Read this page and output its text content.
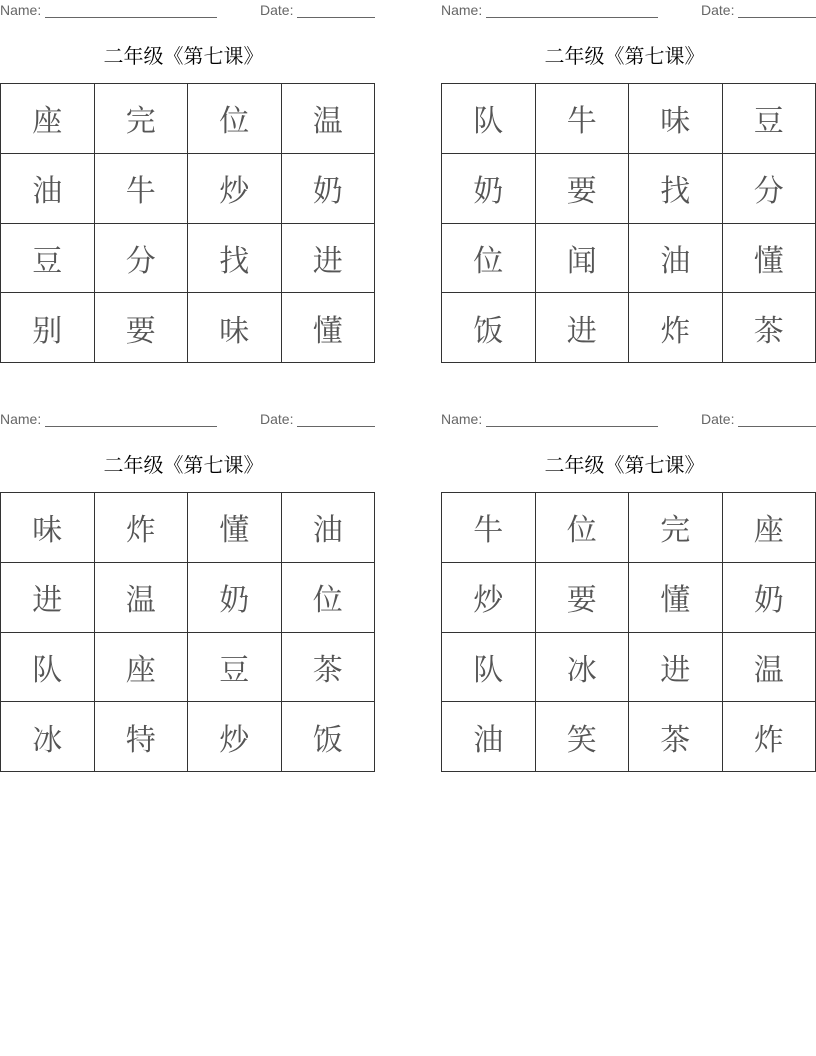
Name:	Date:
二年级《第七课》
座	完	位	温
油	牛	炒	奶
豆	分	找	进
别	要	味	懂
Name:	Date:
二年级《第七课》
队	牛	味	豆
奶	要	找	分
位	闻	油	懂
饭	进	炸	茶
Name:	Date:
二年级《第七课》
味	炸	懂	油
进	温	奶	位
队	座	豆	茶
冰	特	炒	饭
Name:	Date:
二年级《第七课》
牛	位	完	座
炒	要	懂	奶
队	冰	进	温
油	笑	茶	炸
